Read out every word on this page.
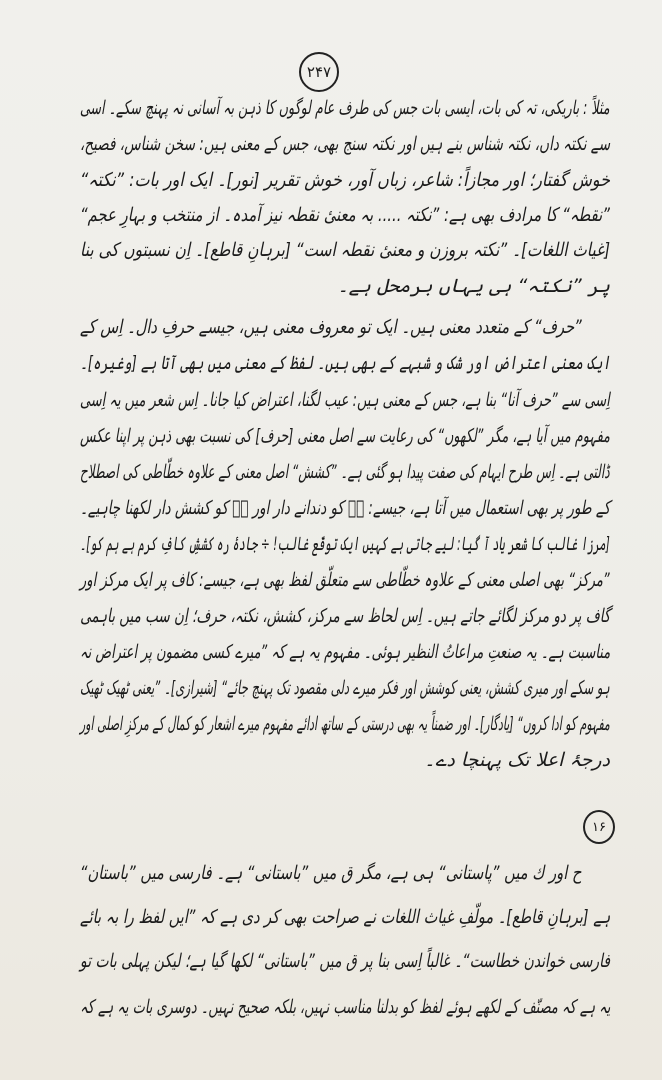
۲۴۷
مثلاً : باریکی، تہ کی بات، ایسی بات جس کی طرف عام لوگوں کا ذہن بہ آسانی نہ پہنچ سکے۔ اسی
سے نکتہ داں، نکتہ شناس بنے ہیں اور نکتہ سنج بھی، جس کے معنی ہیں: سخن شناس، فصیح،
خوش گفتار؛ اور مجازاً: شاعر، زباں آور، خوش تقریر [نور]۔ ایک اور بات: ”نکتہ“
”نقطہ“ کا مرادف بھی ہے: ”نکتہ ..... بہ معنیٔ نقطہ نیز آمدہ۔ از منتخب و بہارِ عجم“
[غیاث اللغات]۔ ”نکتہ بروزن و معنیٔ نقطہ است“ [برہانِ قاطع]۔ اِن نسبتوں کی بنا
پر ”نکتہ“ ہی یہاں برمحل ہے۔
”حرف“ کے متعدد معنی ہیں۔ ایک تو معروف معنی ہیں، جیسے حرفِ دال۔ اِس کے
ایک معنی اعتراض اور شک و شبہے کے بھی ہیں۔ لفظ کے معنی میں بھی آتا ہے [وغیرہ]۔
اِسی سے ”حرف آنا“ بنا ہے، جس کے معنی ہیں: عیب لگنا، اعتراض کیا جانا۔ اِس شعر میں یہ اِسی
مفہوم میں آیا ہے، مگر ”لکھوں“ کی رعایت سے اصل معنی [حرف] کی نسبت بھی ذہن پر اپنا عکس
ڈالتی ہے۔ اِس طرح ایہام کی صفت پیدا ہو گئی ہے۔ ”کشش“ اصل معنی کے علاوہ خطّاطی کی اصطلاح
کے طور پر بھی استعمال میں آتا ہے، جیسے: سؔ کو دندانے دار اور شؔ کو کشش دار لکھنا چاہیے۔
[مرزا غالب کا شعر یاد آ گیا: لیے جاتی ہے کہیں ایک توقّع غالب! ÷ جادۂ رہ کششِ کافِ کرم ہے ہم کو]۔
”مرکز“ بھی اصلی معنی کے علاوہ خطّاطی سے متعلّق لفظ بھی ہے، جیسے: کاف پر ایک مرکز اور
گاف پر دو مرکز لگائے جاتے ہیں۔ اِس لحاظ سے مرکز، کشش، نکتہ، حرف؛ اِن سب میں باہمی
مناسبت ہے۔ یہ صنعتِ مراعاتُ النظیر ہوئی۔ مفہوم یہ ہے کہ ”میرے کسی مضمون پر اعتراض نہ
ہو سکے اور میری کشش، یعنی کوشش اور فکر میرے دلی مقصود تک پہنچ جائے“ [شیرازی]۔ ”یعنی ٹھیک ٹھیک
مفہوم کو ادا کروں“ [یادگار]۔ اور ضمناً یہ بھی درستی کے ساتھ ادائے مفہوم میرے اشعار کو کمال کے مرکزِ اصلی اور
درجۂ اعلا تک پہنچا دے۔
۱۶
ح اور ك میں ”پاستانی“ ہی ہے، مگر ق میں ”باستانی“ ہے۔ فارسی میں ”باستان“
ہے [برہانِ قاطع]۔ مولّفِ غیاث اللغات نے صراحت بھی کر دی ہے کہ ”ایں لفظ را بہ بائے
فارسی خواندن خطاست“۔ غالباً اِسی بنا پر ق میں ”باستانی“ لکھا گیا ہے؛ لیکن پہلی بات تو
یہ ہے کہ مصنّف کے لکھے ہوئے لفظ کو بدلنا مناسب نہیں، بلکہ صحیح نہیں۔ دوسری بات یہ ہے کہ
